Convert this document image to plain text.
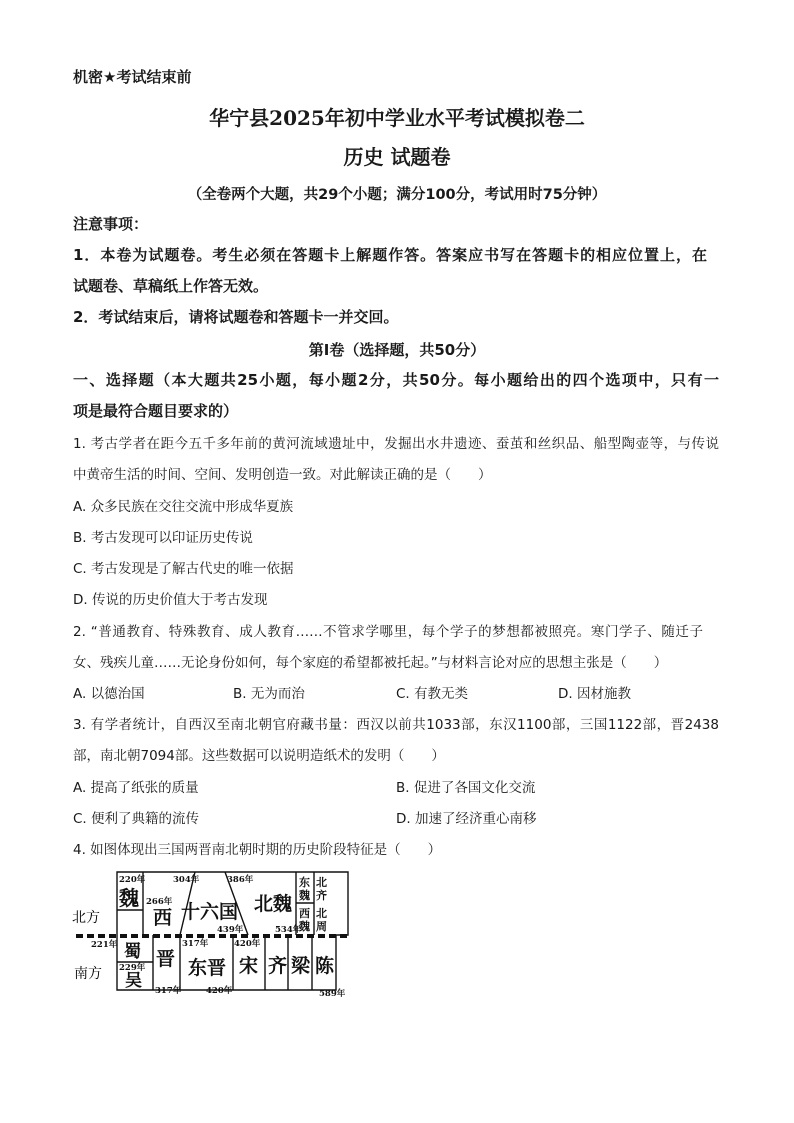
机密★考试结束前
华宁县2025年初中学业水平考试模拟卷二
历史 试题卷
（全卷两个大题，共29个小题；满分100分，考试用时75分钟）
注意事项：
1．本卷为试题卷。考生必须在答题卡上解题作答。答案应书写在答题卡的相应位置上，在
试题卷、草稿纸上作答无效。
2．考试结束后，请将试题卷和答题卡一并交回。
第Ⅰ卷（选择题，共50分）
一、选择题（本大题共25小题，每小题2分，共50分。每小题给出的四个选项中，只有一
项是最符合题目要求的）
1. 考古学者在距今五千多年前的黄河流域遗址中，发掘出水井遗迹、蚕茧和丝织品、船型陶壶等，与传说
中黄帝生活的时间、空间、发明创造一致。对此解读正确的是（　　）
A. 众多民族在交往交流中形成华夏族
B. 考古发现可以印证历史传说
C. 考古发现是了解古代史的唯一依据
D. 传说的历史价值大于考古发现
2. “普通教育、特殊教育、成人教育……不管求学哪里，每个学子的梦想都被照亮。寒门学子、随迁子
女、残疾儿童……无论身份如何，每个家庭的希望都被托起。”与材料言论对应的思想主张是（　　）
A. 以德治国	B. 无为而治	C. 有教无类	D. 因材施教
3. 有学者统计，自西汉至南北朝官府藏书量：西汉以前共1033部，东汉1100部，三国1122部，晋2438
部，南北朝7094部。这些数据可以说明造纸术的发明（　　）
A. 提高了纸张的质量	B. 促进了各国文化交流
C. 便利了典籍的流传	D. 加速了经济重心南移
4. 如图体现出三国两晋南北朝时期的历史阶段特征是（　　）
北方
南方
魏
西
晋
十六国 北魏
东
魏
西
魏
北
齐
北
周
蜀
吴
东晋 宋 齐 梁 陈
220年
266年
304年	386年
439年	534年
221年
229年
317年
317年	420年
420年	589年
